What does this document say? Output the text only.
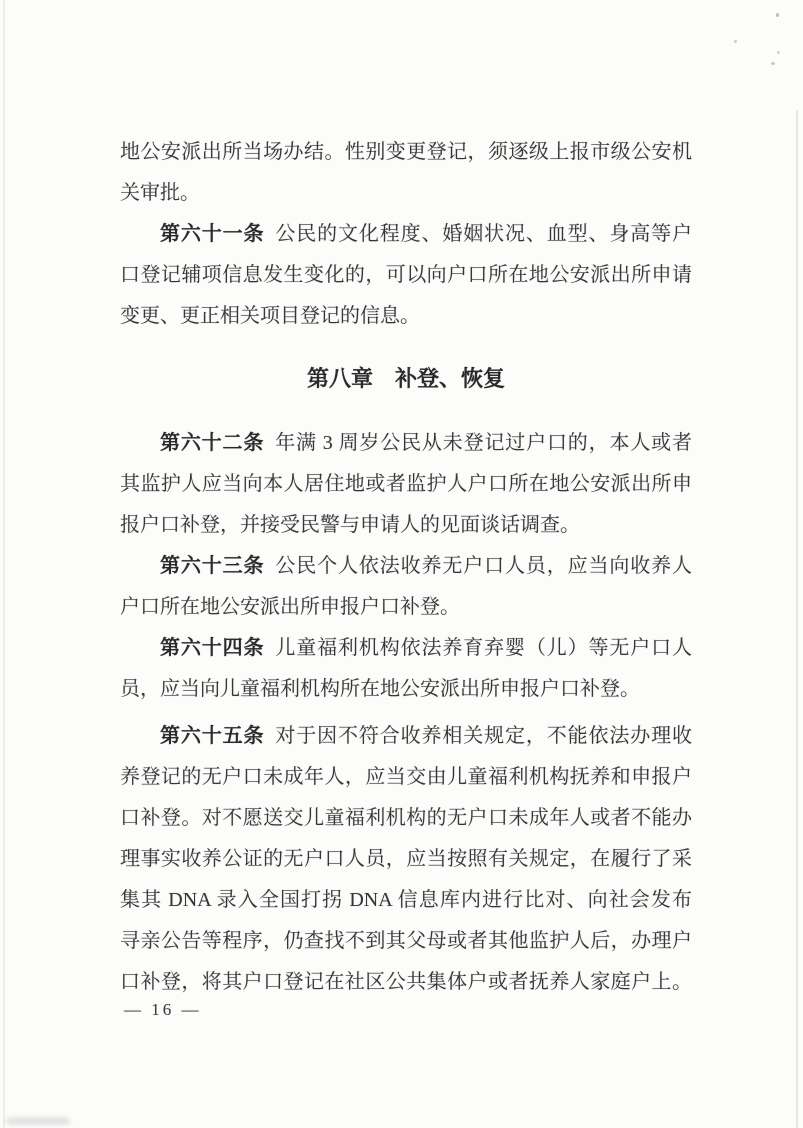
地公安派出所当场办结。性别变更登记，须逐级上报市级公安机
关审批。
第六十一条 公民的文化程度、婚姻状况、血型、身高等户
口登记辅项信息发生变化的，可以向户口所在地公安派出所申请
变更、更正相关项目登记的信息。
第八章　补登、恢复
第六十二条 年满 3 周岁公民从未登记过户口的，本人或者
其监护人应当向本人居住地或者监护人户口所在地公安派出所申
报户口补登，并接受民警与申请人的见面谈话调查。
第六十三条 公民个人依法收养无户口人员，应当向收养人
户口所在地公安派出所申报户口补登。
第六十四条 儿童福利机构依法养育弃婴（儿）等无户口人
员，应当向儿童福利机构所在地公安派出所申报户口补登。
第六十五条 对于因不符合收养相关规定，不能依法办理收
养登记的无户口未成年人，应当交由儿童福利机构抚养和申报户
口补登。对不愿送交儿童福利机构的无户口未成年人或者不能办
理事实收养公证的无户口人员，应当按照有关规定，在履行了采
集其 DNA 录入全国打拐 DNA 信息库内进行比对、向社会发布
寻亲公告等程序，仍查找不到其父母或者其他监护人后，办理户
口补登，将其户口登记在社区公共集体户或者抚养人家庭户上。
— 16 —
